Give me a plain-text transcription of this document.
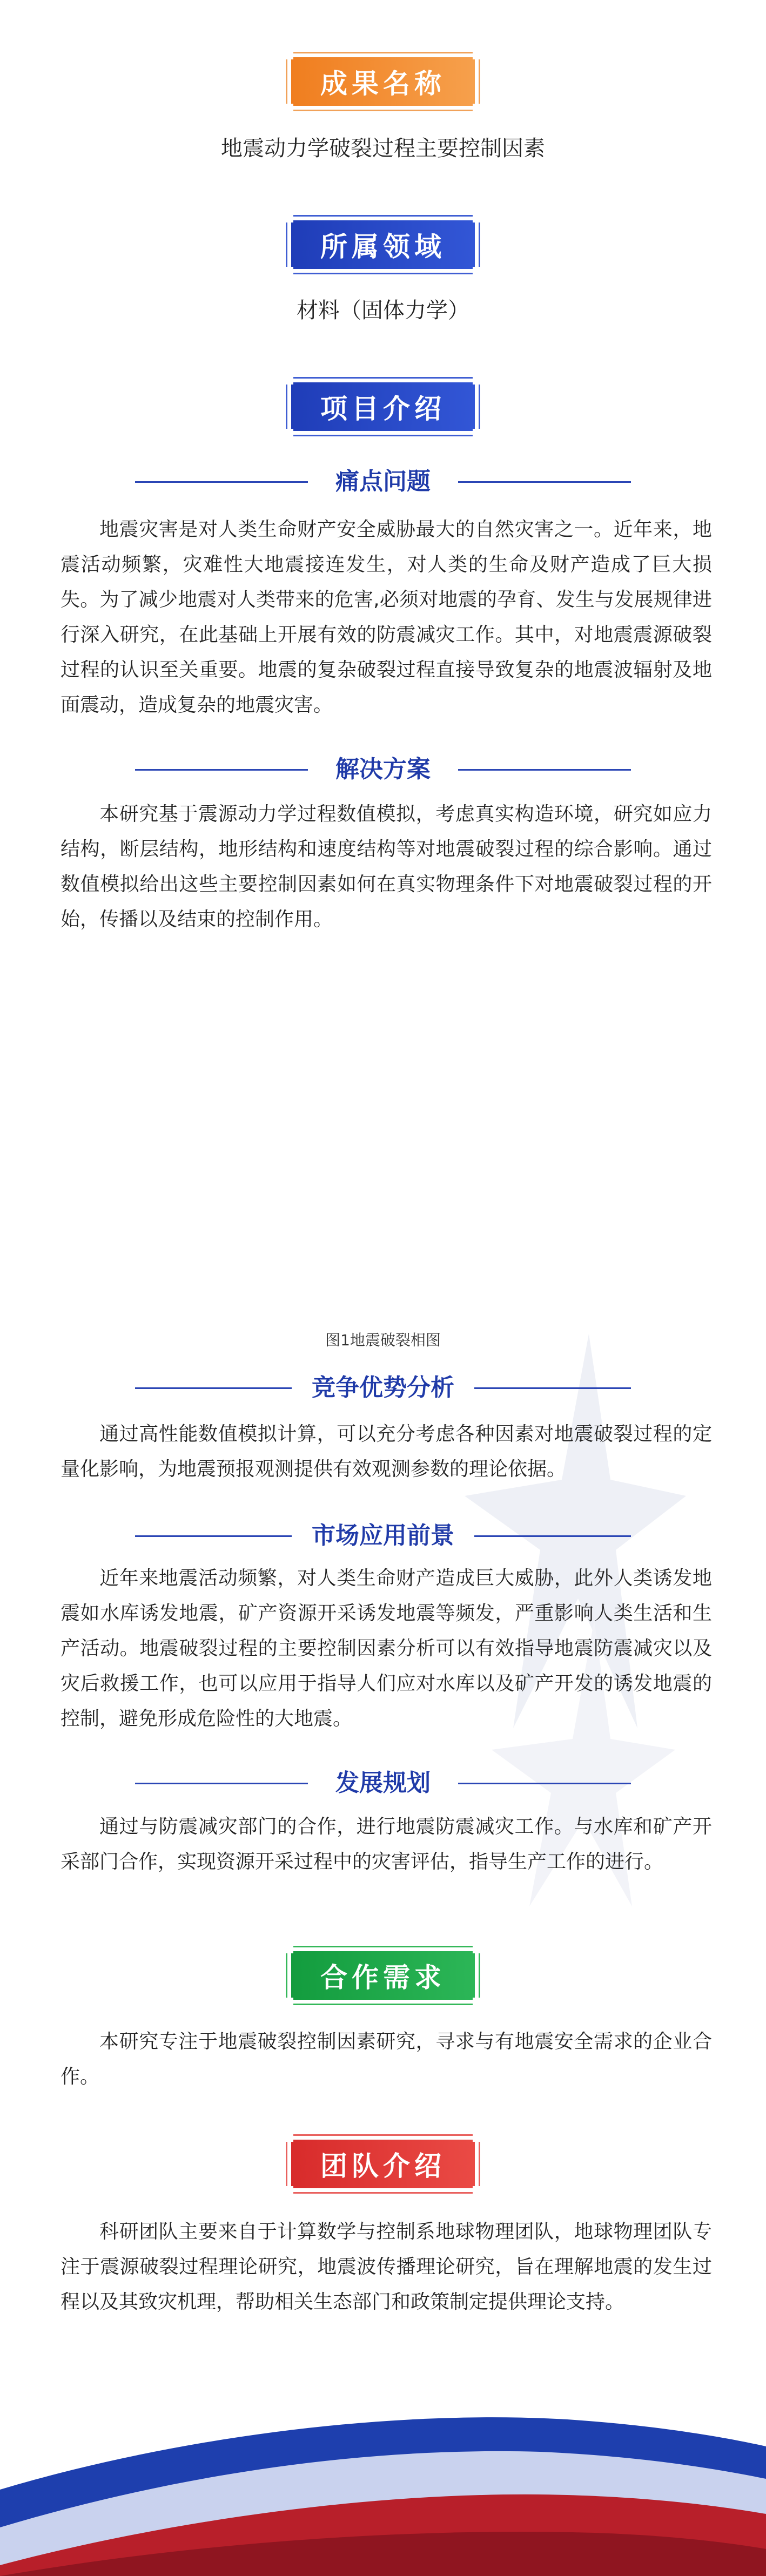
成果名称
地震动力学破裂过程主要控制因素
所属领域
材料（固体力学）
项目介绍
痛点问题

地震灾害是对人类生命财产安全威胁最大的自然灾害之一。近年来，地震活动频繁，灾难性大地震接连发生，对人类的生命及财产造成了巨大损失。为了减少地震对人类带来的危害,必须对地震的孕育、发生与发展规律进行深入研究，在此基础上开展有效的防震减灾工作。其中，对地震震源破裂过程的认识至关重要。地震的复杂破裂过程直接导致复杂的地震波辐射及地面震动，造成复杂的地震灾害。

解决方案

本研究基于震源动力学过程数值模拟，考虑真实构造环境，研究如应力结构，断层结构，地形结构和速度结构等对地震破裂过程的综合影响。通过数值模拟给出这些主要控制因素如何在真实物理条件下对地震破裂过程的开始，传播以及结束的控制作用。

图1地震破裂相图
竞争优势分析

通过高性能数值模拟计算，可以充分考虑各种因素对地震破裂过程的定量化影响，为地震预报观测提供有效观测参数的理论依据。

市场应用前景

近年来地震活动频繁，对人类生命财产造成巨大威胁，此外人类诱发地震如水库诱发地震，矿产资源开采诱发地震等频发，严重影响人类生活和生产活动。地震破裂过程的主要控制因素分析可以有效指导地震防震减灾以及灾后救援工作，也可以应用于指导人们应对水库以及矿产开发的诱发地震的控制，避免形成危险性的大地震。

发展规划

通过与防震减灾部门的合作，进行地震防震减灾工作。与水库和矿产开采部门合作，实现资源开采过程中的灾害评估，指导生产工作的进行。

合作需求

本研究专注于地震破裂控制因素研究，寻求与有地震安全需求的企业合作。

团队介绍

科研团队主要来自于计算数学与控制系地球物理团队，地球物理团队专注于震源破裂过程理论研究，地震波传播理论研究，旨在理解地震的发生过程以及其致灾机理，帮助相关生态部门和政策制定提供理论支持。
